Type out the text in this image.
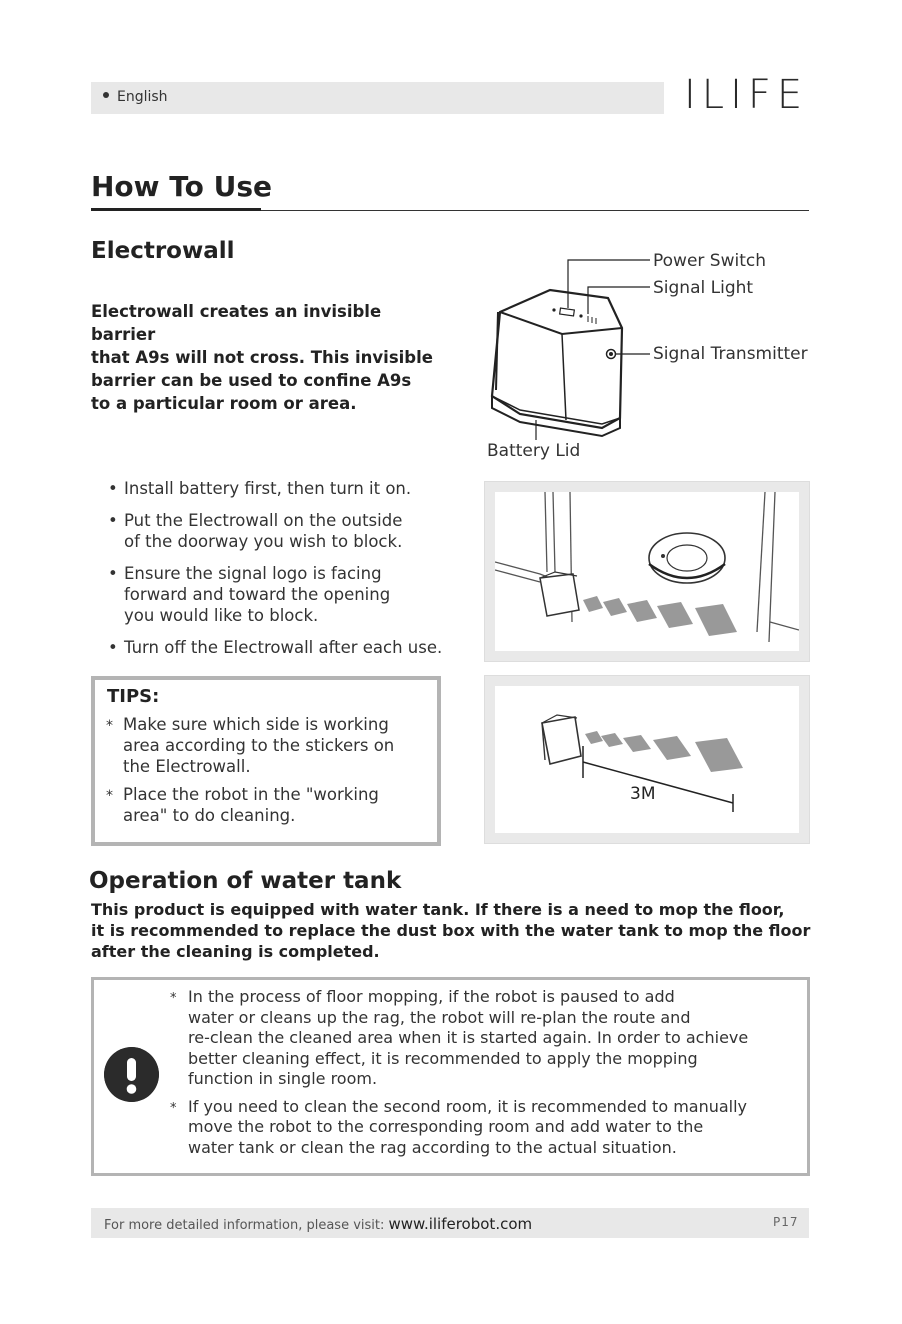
English	ILIFE
How To Use
Electrowall
Electrowall creates an invisible barrier
that A9s will not cross. This invisible
barrier can be used to confine A9s
to a particular room or area.
Power Switch
Signal Light
Signal Transmitter
Battery Lid
• Install battery first, then turn it on.
• Put the Electrowall on the outside
of the doorway you wish to block.
• Ensure the signal logo is facing
forward and toward the opening
you would like to block.
• Turn off the Electrowall after each use.
TIPS:
* Make sure which side is working
area according to the stickers on
the Electrowall.
* Place the robot in the "working
area" to do cleaning.
3M
Operation of water tank
This product is equipped with water tank. If there is a need to mop the floor,
it is recommended to replace the dust box with the water tank to mop the floor
after the cleaning is completed.
* In the process of floor mopping, if the robot is paused to add
water or cleans up the rag, the robot will re-plan the route and
re-clean the cleaned area when it is started again. In order to achieve
better cleaning effect, it is recommended to apply the mopping
function in single room.
* If you need to clean the second room, it is recommended to manually
move the robot to the corresponding room and add water to the
water tank or clean the rag according to the actual situation.
For more detailed information, please visit: www.iliferobot.com	P17
